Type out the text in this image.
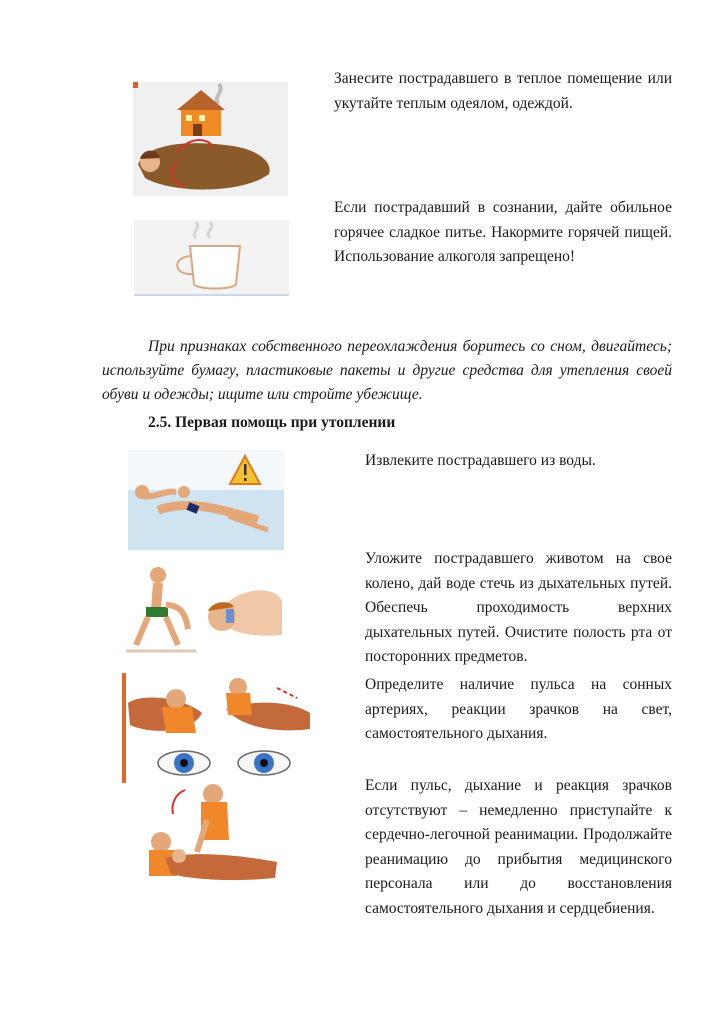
Занесите пострадавшего в теплое помещение или укутайте теплым одеялом, одеждой.
Если пострадавший в сознании, дайте обильное горячее сладкое питье. Накормите горячей пищей. Использование алкоголя запрещено!
При признаках собственного переохлаждения боритесь со сном, двигайтесь; используйте бумагу, пластиковые пакеты и другие средства для утепления своей обуви и одежды; ищите или стройте убежище.
2.5. Первая помощь при утоплении
Извлеките пострадавшего из воды.
Уложите пострадавшего животом на свое колено, дай воде стечь из дыхательных путей. Обеспечь проходимость верхних дыхательных путей. Очистите полость рта от посторонних предметов.
Определите наличие пульса на сонных артериях, реакции зрачков на свет, самостоятельного дыхания.
Если пульс, дыхание и реакция зрачков отсутствуют – немедленно приступайте к сердечно-легочной реанимации. Продолжайте реанимацию до прибытия медицинского персонала или до восстановления самостоятельного дыхания и сердцебиения.
